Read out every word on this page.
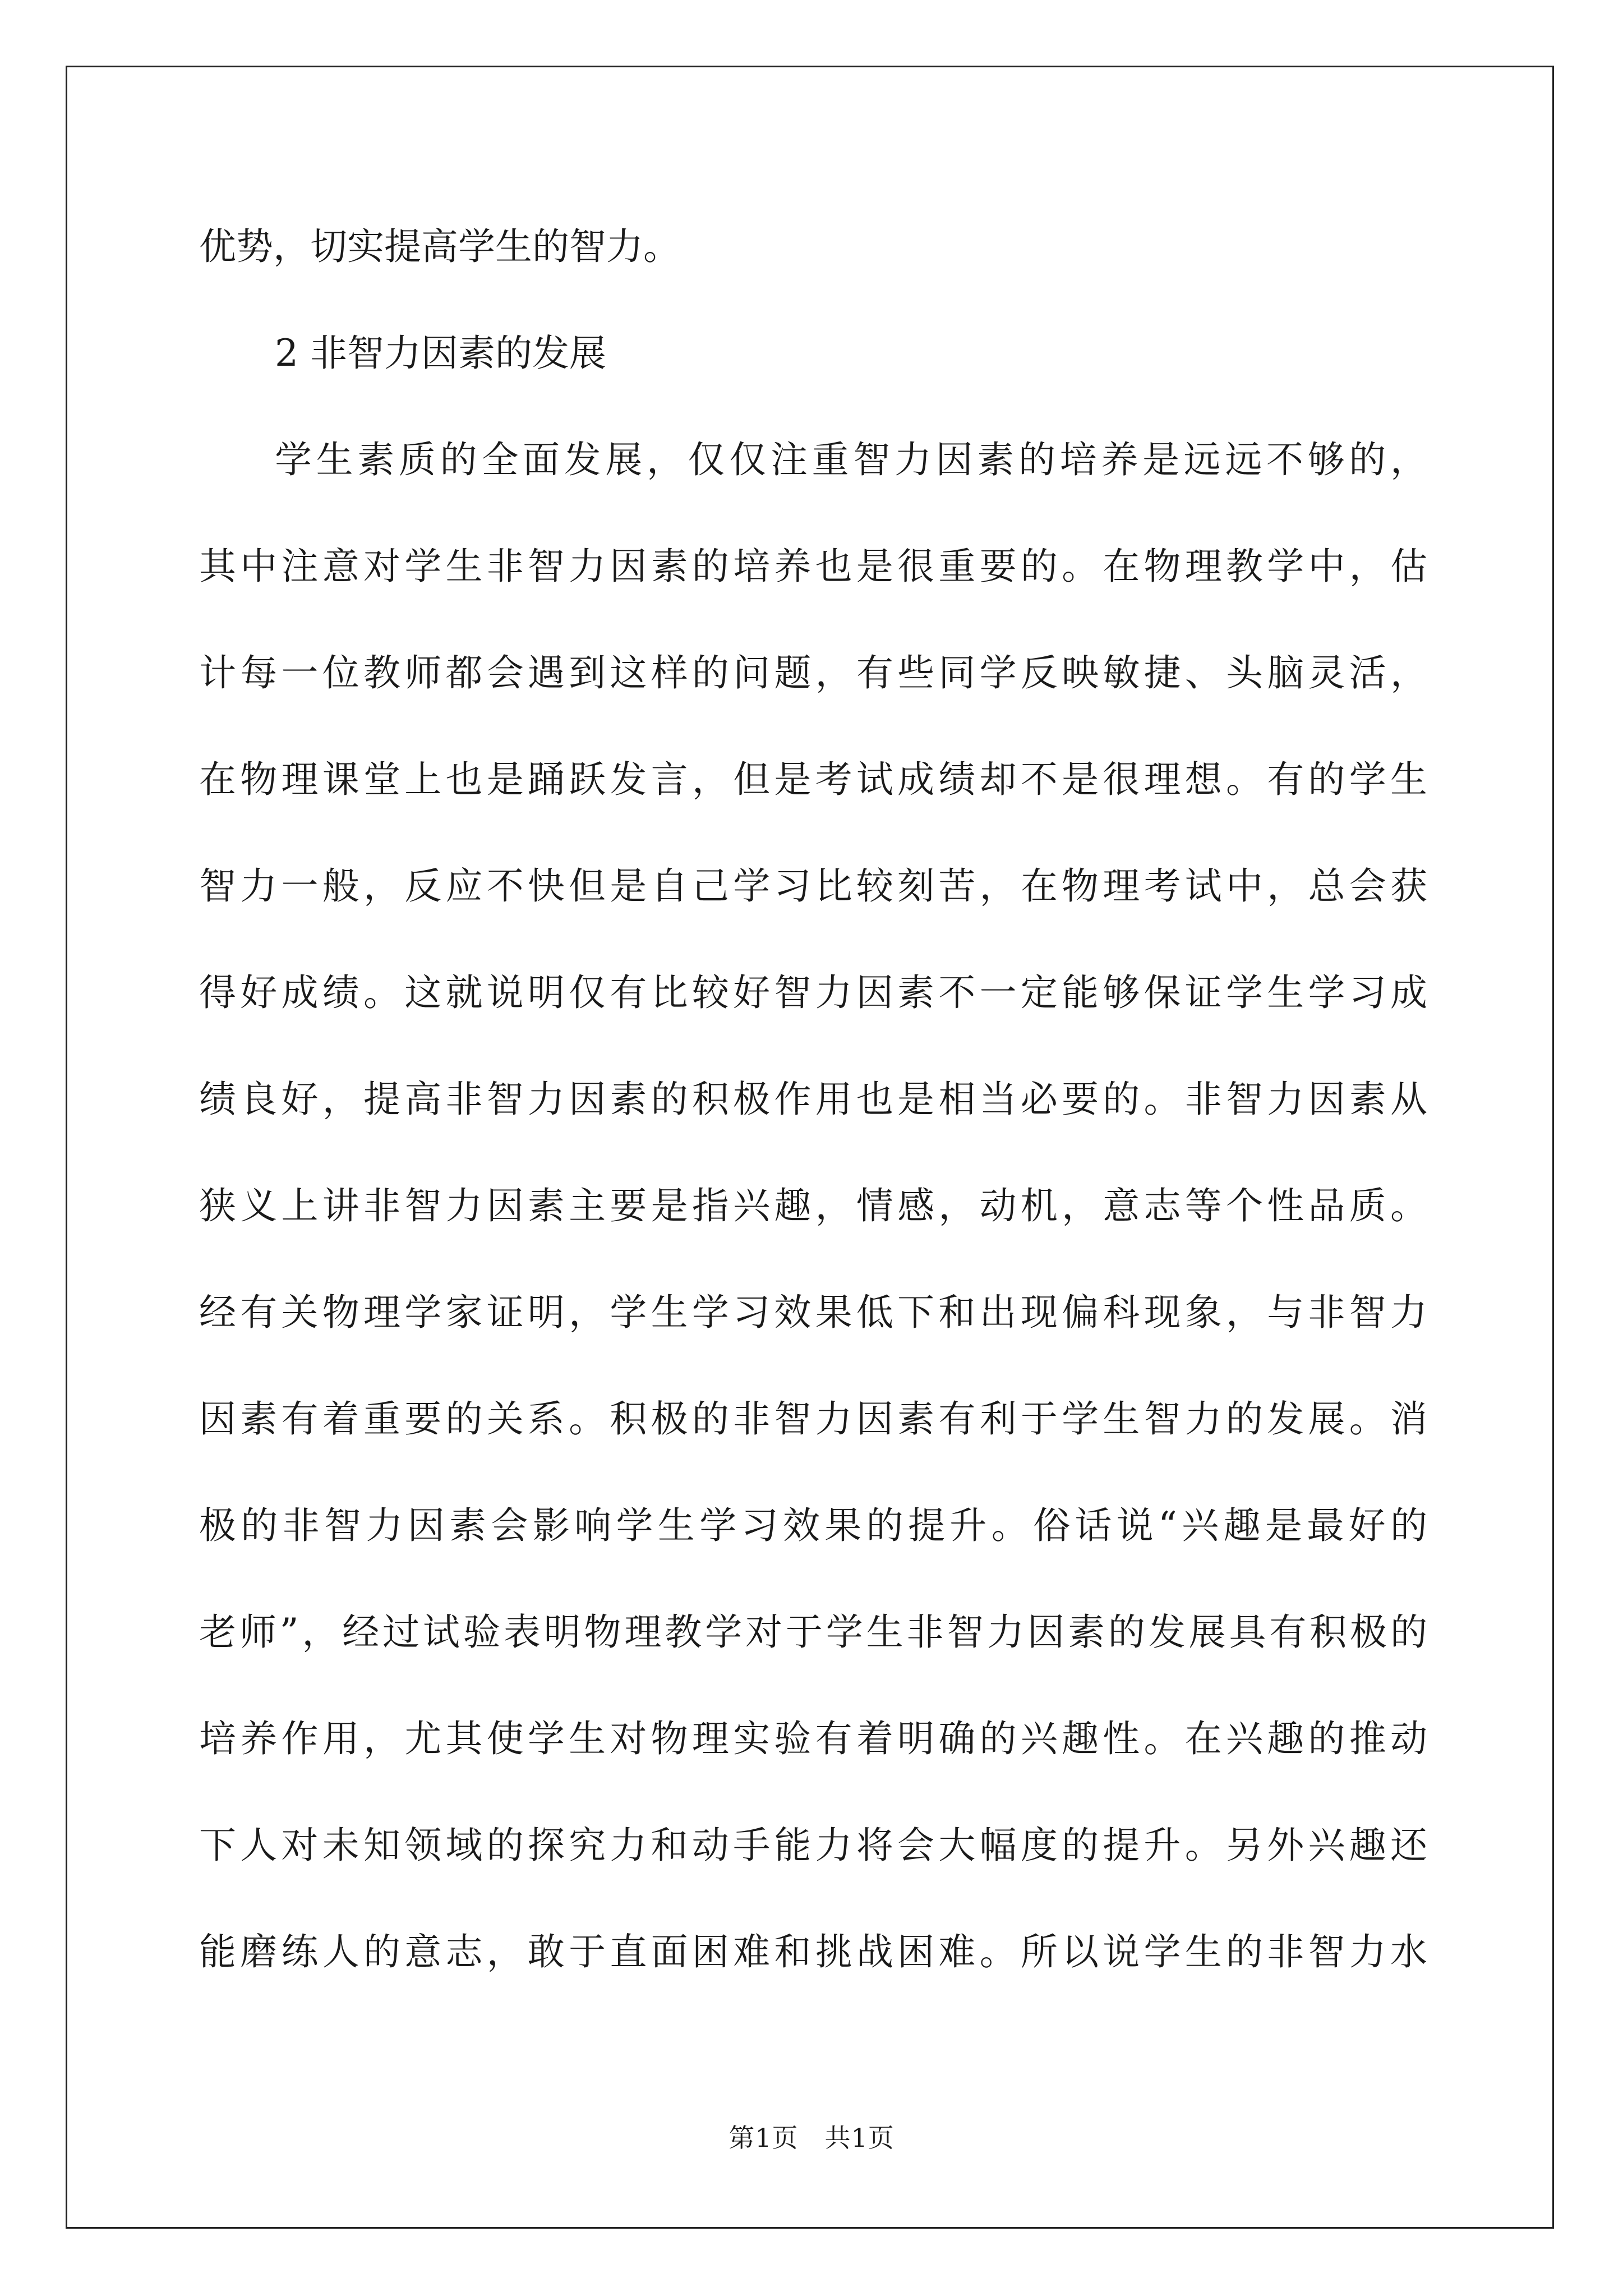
优势，切实提高学生的智力。
2 非智力因素的发展
学生素质的全面发展，仅仅注重智力因素的培养是远远不够的，
其中注意对学生非智力因素的培养也是很重要的。在物理教学中，估
计每一位教师都会遇到这样的问题，有些同学反映敏捷、头脑灵活，
在物理课堂上也是踊跃发言，但是考试成绩却不是很理想。有的学生
智力一般，反应不快但是自己学习比较刻苦，在物理考试中，总会获
得好成绩。这就说明仅有比较好智力因素不一定能够保证学生学习成
绩良好，提高非智力因素的积极作用也是相当必要的。非智力因素从
狭义上讲非智力因素主要是指兴趣，情感，动机，意志等个性品质。
经有关物理学家证明，学生学习效果低下和出现偏科现象，与非智力
因素有着重要的关系。积极的非智力因素有利于学生智力的发展。消
极的非智力因素会影响学生学习效果的提升。俗话说“兴趣是最好的
老师”，经过试验表明物理教学对于学生非智力因素的发展具有积极的
培养作用，尤其使学生对物理实验有着明确的兴趣性。在兴趣的推动
下人对未知领域的探究力和动手能力将会大幅度的提升。另外兴趣还
能磨练人的意志，敢于直面困难和挑战困难。所以说学生的非智力水
第1页　共1页
